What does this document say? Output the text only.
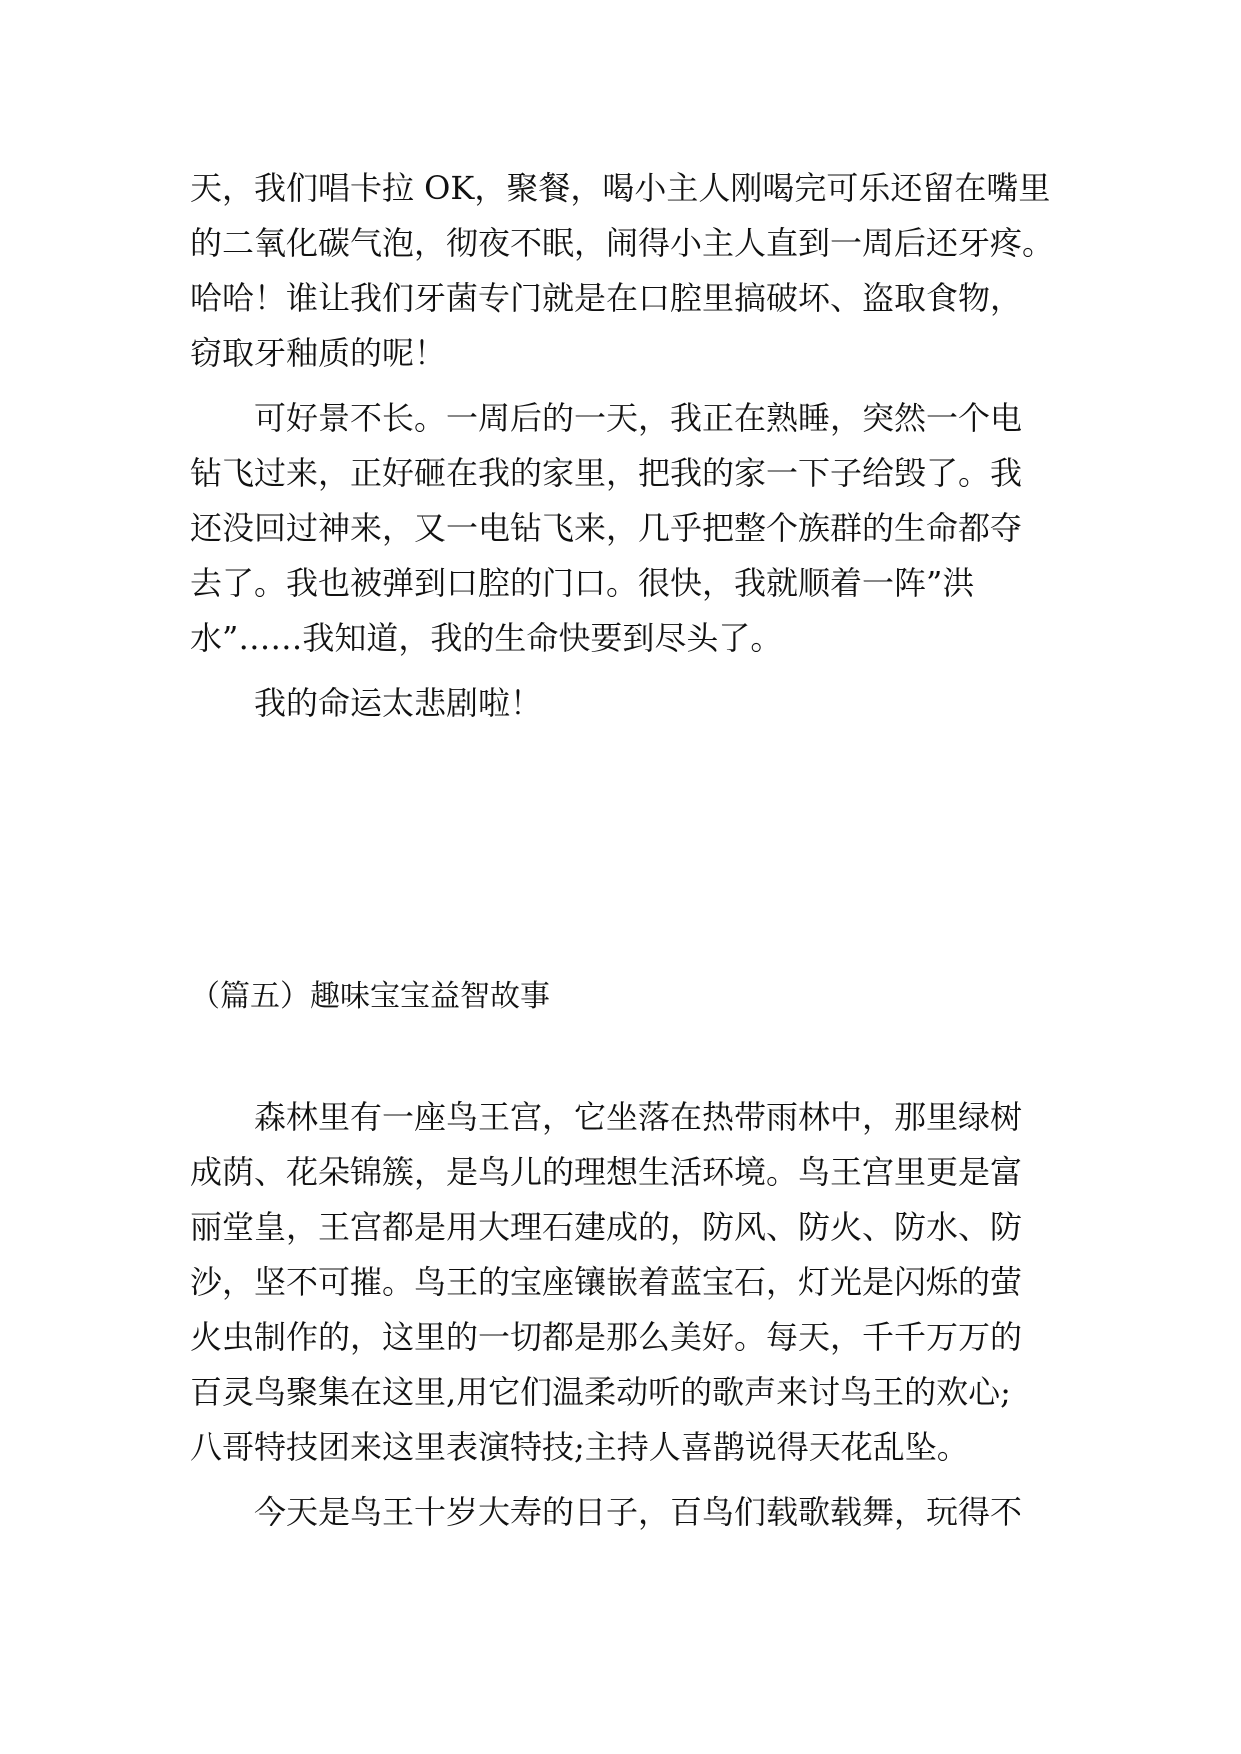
天，我们唱卡拉 OK，聚餐，喝小主人刚喝完可乐还留在嘴里
的二氧化碳气泡，彻夜不眠，闹得小主人直到一周后还牙疼。
哈哈！谁让我们牙菌专门就是在口腔里搞破坏、盗取食物，
窃取牙釉质的呢！
可好景不长。一周后的一天，我正在熟睡，突然一个电
钻飞过来，正好砸在我的家里，把我的家一下子给毁了。我
还没回过神来，又一电钻飞来，几乎把整个族群的生命都夺
去了。我也被弹到口腔的门口。很快，我就顺着一阵”洪
水”……我知道，我的生命快要到尽头了。
我的命运太悲剧啦！
（篇五）趣味宝宝益智故事
森林里有一座鸟王宫，它坐落在热带雨林中，那里绿树
成荫、花朵锦簇，是鸟儿的理想生活环境。鸟王宫里更是富
丽堂皇，王宫都是用大理石建成的，防风、防火、防水、防
沙，坚不可摧。鸟王的宝座镶嵌着蓝宝石，灯光是闪烁的萤
火虫制作的，这里的一切都是那么美好。每天，千千万万的
百灵鸟聚集在这里,用它们温柔动听的歌声来讨鸟王的欢心;
八哥特技团来这里表演特技;主持人喜鹊说得天花乱坠。
今天是鸟王十岁大寿的日子，百鸟们载歌载舞，玩得不
